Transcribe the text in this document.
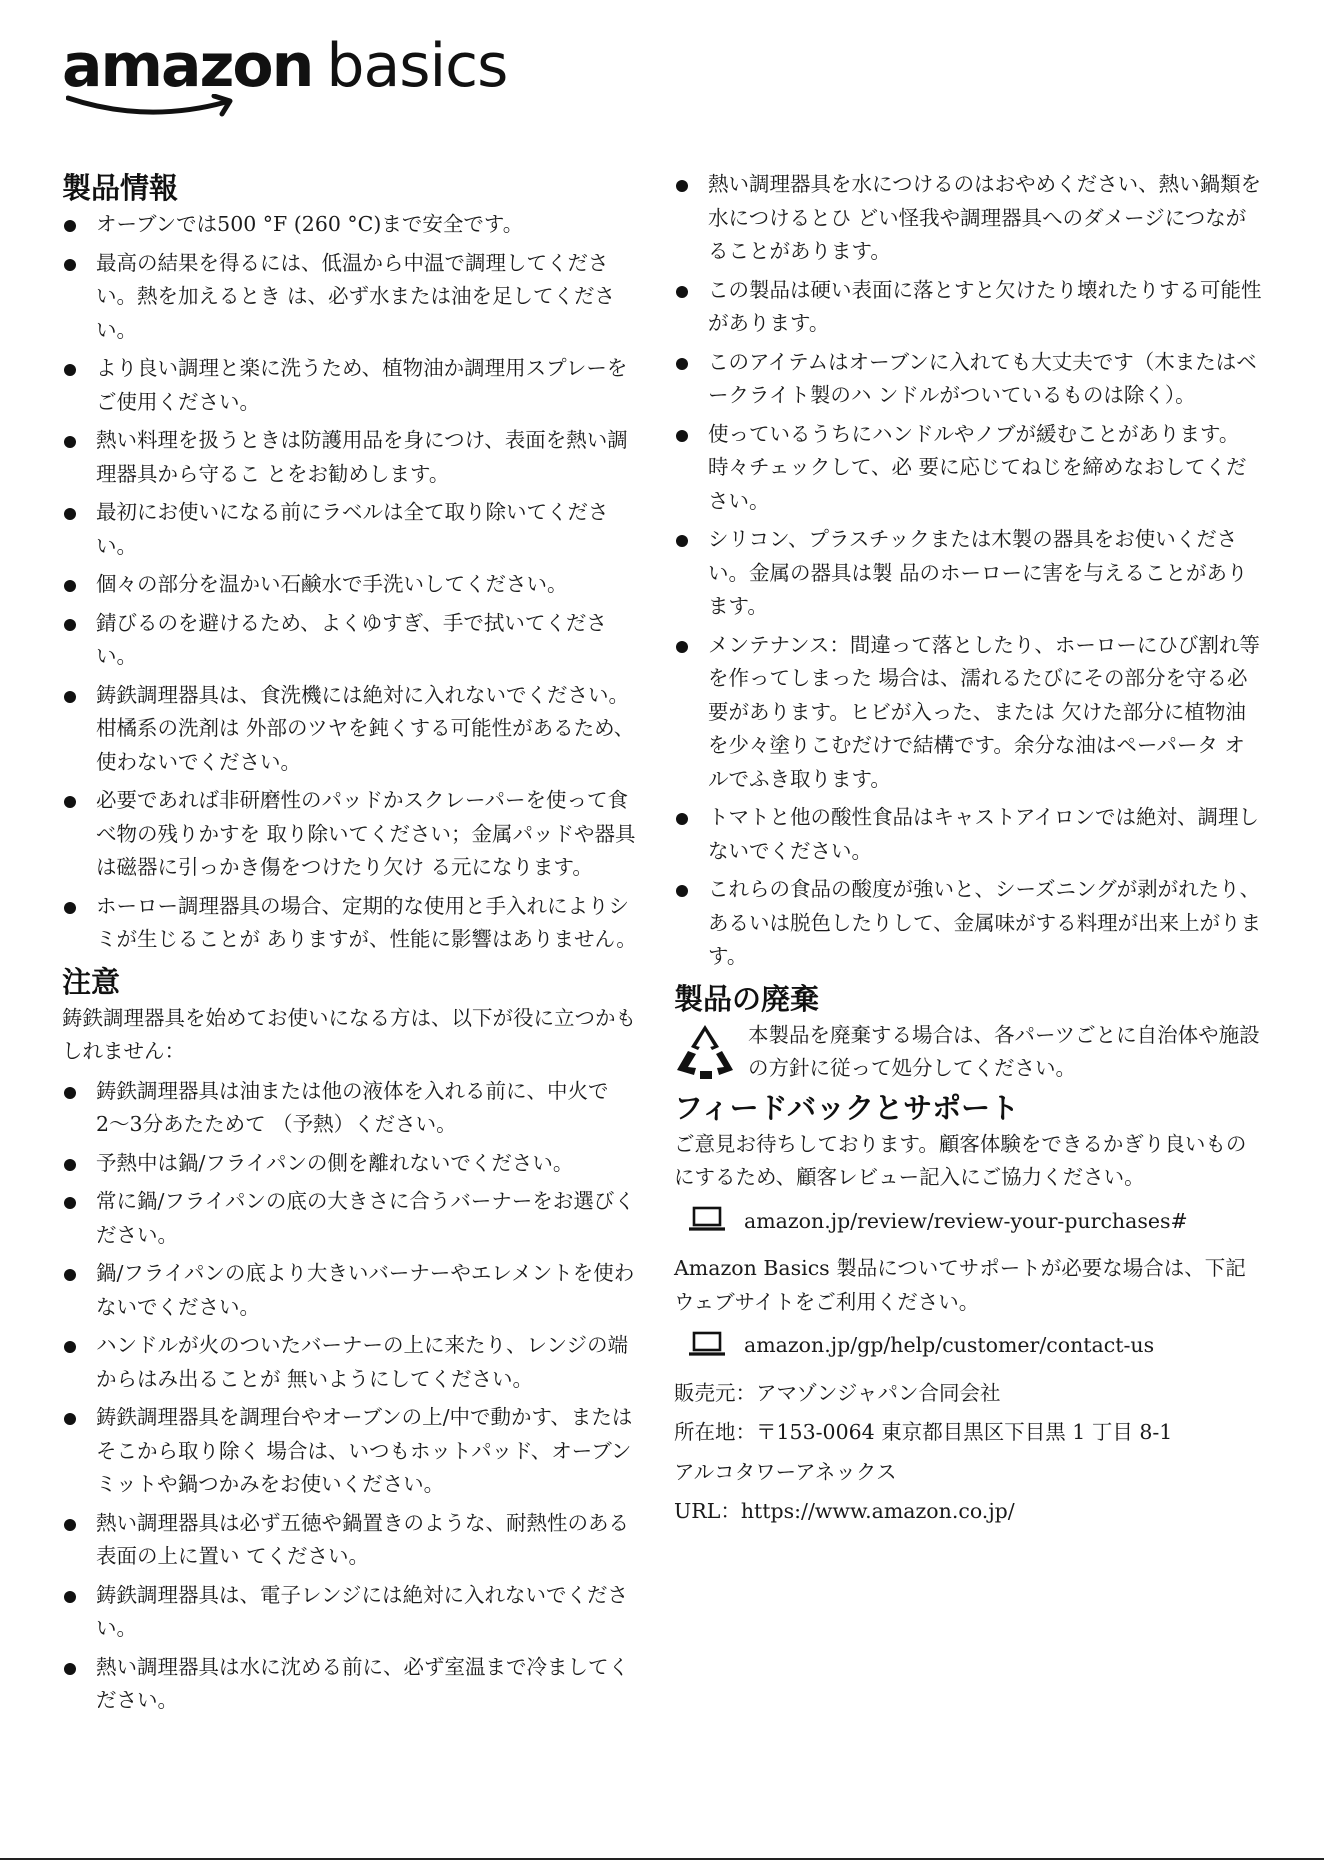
amazon basics
製品情報
オーブンでは500 °F (260 °C)まで安全です。
最高の結果を得るには、低温から中温で調理してください。熱を加えるとき は、必ず水または油を足してください。
より良い調理と楽に洗うため、植物油か調理用スプレーをご使用ください。
熱い料理を扱うときは防護用品を身につけ、表面を熱い調理器具から守るこ とをお勧めします。
最初にお使いになる前にラベルは全て取り除いてください。
個々の部分を温かい石鹸水で手洗いしてください。
錆びるのを避けるため、よくゆすぎ、手で拭いてください。
鋳鉄調理器具は、食洗機には絶対に入れないでください。柑橘系の洗剤は 外部のツヤを鈍くする可能性があるため、使わないでください。
必要であれば非研磨性のパッドかスクレーパーを使って食べ物の残りかすを 取り除いてください；金属パッドや器具は磁器に引っかき傷をつけたり欠け る元になります。
ホーロー調理器具の場合、定期的な使用と手入れによりシミが生じることが ありますが、性能に影響はありません。
注意

鋳鉄調理器具を始めてお使いになる方は、以下が役に立つかもしれません：

鋳鉄調理器具は油または他の液体を入れる前に、中火で2〜3分あたためて （予熱）ください。
予熱中は鍋/フライパンの側を離れないでください。
常に鍋/フライパンの底の大きさに合うバーナーをお選びください。
鍋/フライパンの底より大きいバーナーやエレメントを使わないでください。
ハンドルが火のついたバーナーの上に来たり、レンジの端からはみ出ることが 無いようにしてください。
鋳鉄調理器具を調理台やオーブンの上/中で動かす、またはそこから取り除く 場合は、いつもホットパッド、オーブンミットや鍋つかみをお使いください。
熱い調理器具は必ず五徳や鍋置きのような、耐熱性のある表面の上に置い てください。
鋳鉄調理器具は、電子レンジには絶対に入れないでください。
熱い調理器具は水に沈める前に、必ず室温まで冷ましてください。
熱い調理器具を水につけるのはおやめください、熱い鍋類を水につけるとひ どい怪我や調理器具へのダメージにつながることがあります。
この製品は硬い表面に落とすと欠けたり壊れたりする可能性があります。
このアイテムはオーブンに入れても大丈夫です（木またはベークライト製のハ ンドルがついているものは除く）。
使っているうちにハンドルやノブが緩むことがあります。時々チェックして、必 要に応じてねじを締めなおしてください。
シリコン、プラスチックまたは木製の器具をお使いください。金属の器具は製 品のホーローに害を与えることがあります。
メンテナンス：間違って落としたり、ホーローにひび割れ等を作ってしまった 場合は、濡れるたびにその部分を守る必要があります。ヒビが入った、または 欠けた部分に植物油を少々塗りこむだけで結構です。余分な油はペーパータ オルでふき取ります。
トマトと他の酸性食品はキャストアイロンでは絶対、調理しないでください。
これらの食品の酸度が強いと、シーズニングが剥がれたり、あるいは脱色したりして、金属味がする料理が出来上がります。
製品の廃棄

本製品を廃棄する場合は、各パーツごとに自治体や施設の方針に従って処分してください。

フィードバックとサポート

ご意見お待ちしております。顧客体験をできるかぎり良いものにするため、顧客レビュー記入にご協力ください。

amazon.jp/review/review-your-purchases#

Amazon Basics 製品についてサポートが必要な場合は、下記ウェブサイトをご利用ください。

amazon.jp/gp/help/customer/contact-us

販売元：アマゾンジャパン合同会社

所在地：〒153-0064 東京都目黒区下目黒 1 丁目 8-1

アルコタワーアネックス

URL：https://www.amazon.co.jp/
